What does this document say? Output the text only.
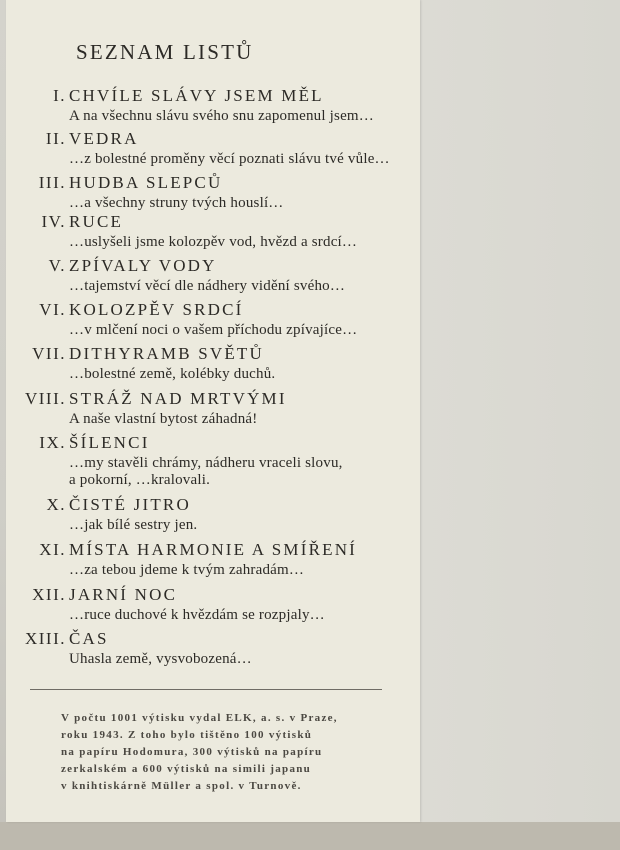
SEZNAM LISTŮ
I. CHVÍLE SLÁVY JSEM MĚL
A na všechnu slávu svého snu zapomenul jsem…
II. VEDRA
…z bolestné proměny věcí poznati slávu tvé vůle…
III. HUDBA SLEPCŮ
…a všechny struny tvých houslí…
IV. RUCE
…uslyšeli jsme kolozpěv vod, hvězd a srdcí…
V. ZPÍVALY VODY
…tajemství věcí dle nádhery vidění svého…
VI. KOLOZPĚV SRDCÍ
…v mlčení noci o vašem příchodu zpívajíce…
VII. DITHYRAMB SVĚTŮ
…bolestné země, kolébky duchů.
VIII. STRÁŽ NAD MRTVÝMI
A naše vlastní bytost záhadná!
IX. ŠÍLENCI
…my stavěli chrámy, nádheru vraceli slovu,
a pokorní, …kralovali.
X. ČISTÉ JITRO
…jak bílé sestry jen.
XI. MÍSTA HARMONIE A SMÍŘENÍ
…za tebou jdeme k tvým zahradám…
XII. JARNÍ NOC
…ruce duchové k hvězdám se rozpjaly…
XIII. ČAS
Uhasla země, vysvobozená…
V počtu 1001 výtisku vydal ELK, a. s. v Praze,
roku 1943. Z toho bylo tištěno 100 výtisků
na papíru Hodomura, 300 výtisků na papíru
zerkalském a 600 výtisků na simili japanu
v knihtiskárně Müller a spol. v Turnově.
